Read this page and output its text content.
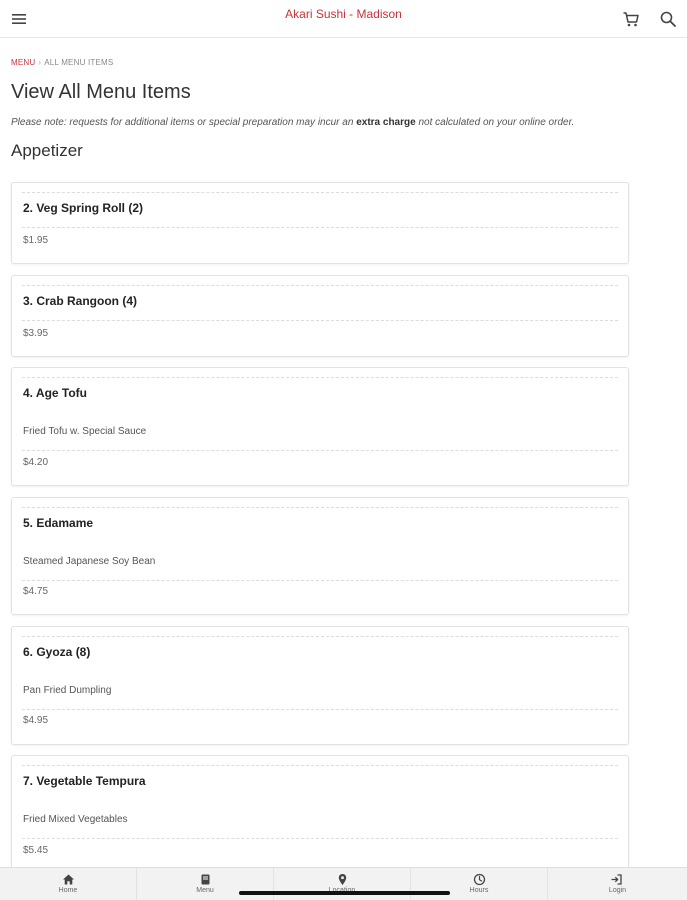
Akari Sushi - Madison
MENU › ALL MENU ITEMS
View All Menu Items
Please note: requests for additional items or special preparation may incur an extra charge not calculated on your online order.
Appetizer
2. Veg Spring Roll (2)
$1.95
3. Crab Rangoon (4)
$3.95
4. Age Tofu
Fried Tofu w. Special Sauce
$4.20
5. Edamame
Steamed Japanese Soy Bean
$4.75
6. Gyoza (8)
Pan Fried Dumpling
$4.95
7. Vegetable Tempura
Fried Mixed Vegetables
$5.45
Home	Menu	Hours	Login
